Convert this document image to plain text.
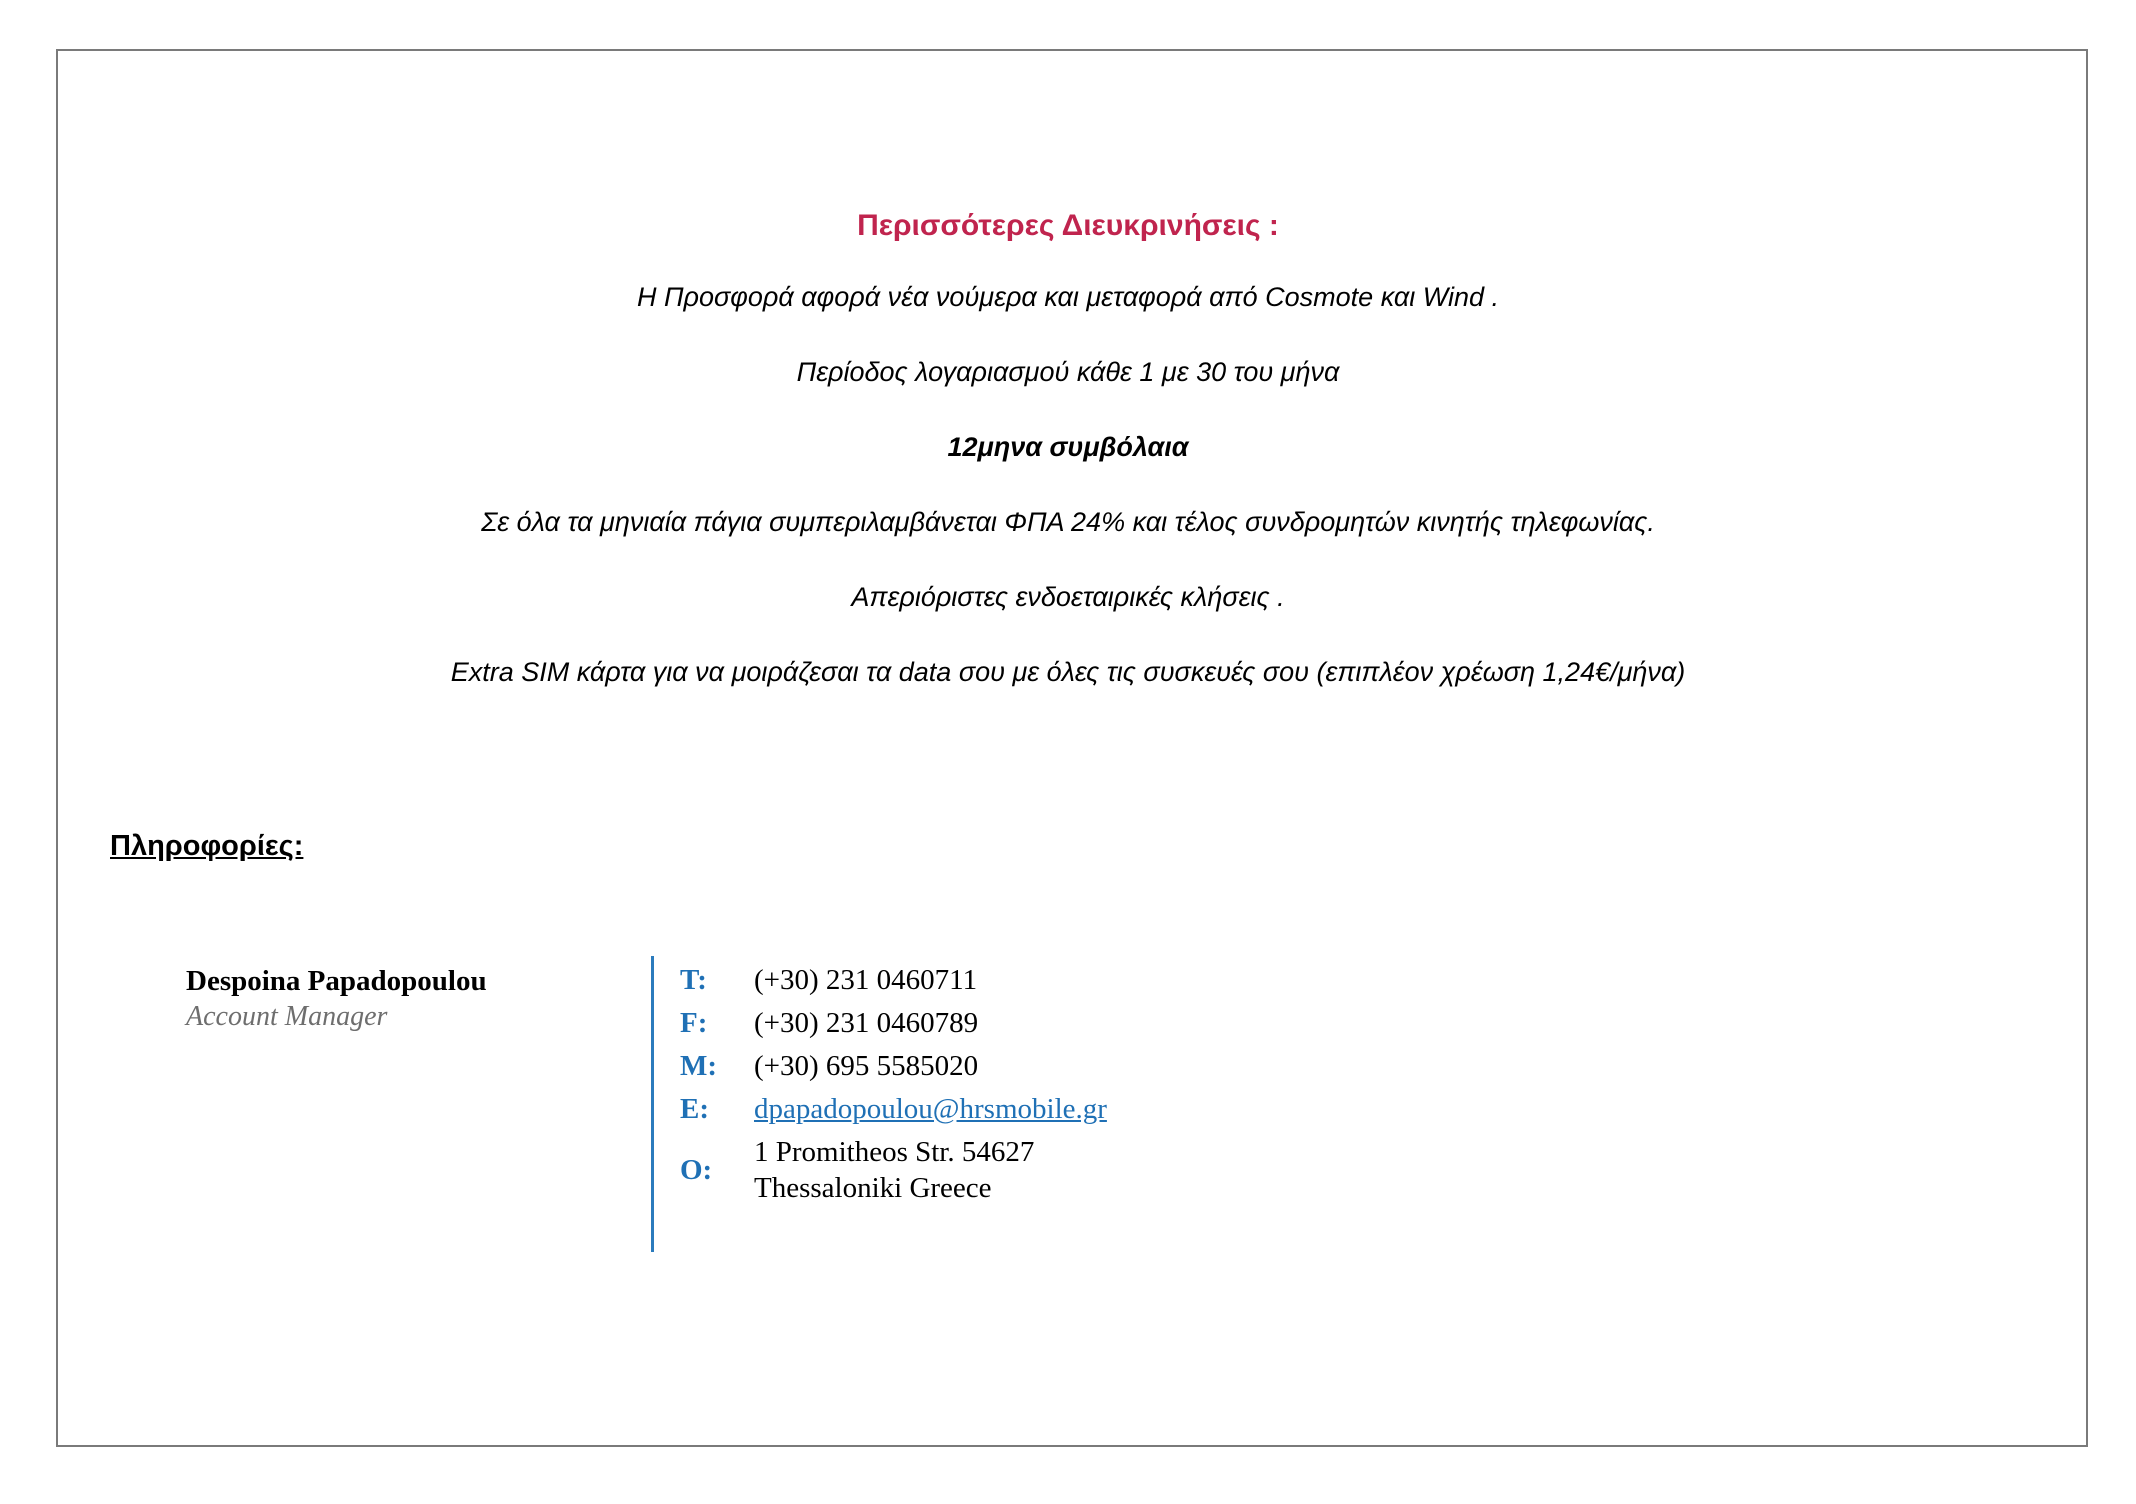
Περισσότερες Διευκρινήσεις :
Η Προσφορά αφορά νέα νούμερα και μεταφορά από Cosmote και Wind .
Περίοδος λογαριασμού κάθε 1 με 30 του μήνα
12μηνα συμβόλαια
Σε όλα τα μηνιαία πάγια συμπεριλαμβάνεται ΦΠΑ 24% και τέλος συνδρομητών κινητής τηλεφωνίας.
Απεριόριστες ενδοεταιρικές κλήσεις .
Extra SIM κάρτα για να μοιράζεσαι τα data σου με όλες τις συσκευές σου (επιπλέον χρέωση 1,24€/μήνα)
Πληροφορίες:
Despoina Papadopoulou
Account Manager
T: (+30) 231 0460711
F: (+30) 231 0460789
M: (+30) 695 5585020
E: dpapadopoulou@hrsmobile.gr
O:
1 Promitheos Str. 54627
Thessaloniki Greece
